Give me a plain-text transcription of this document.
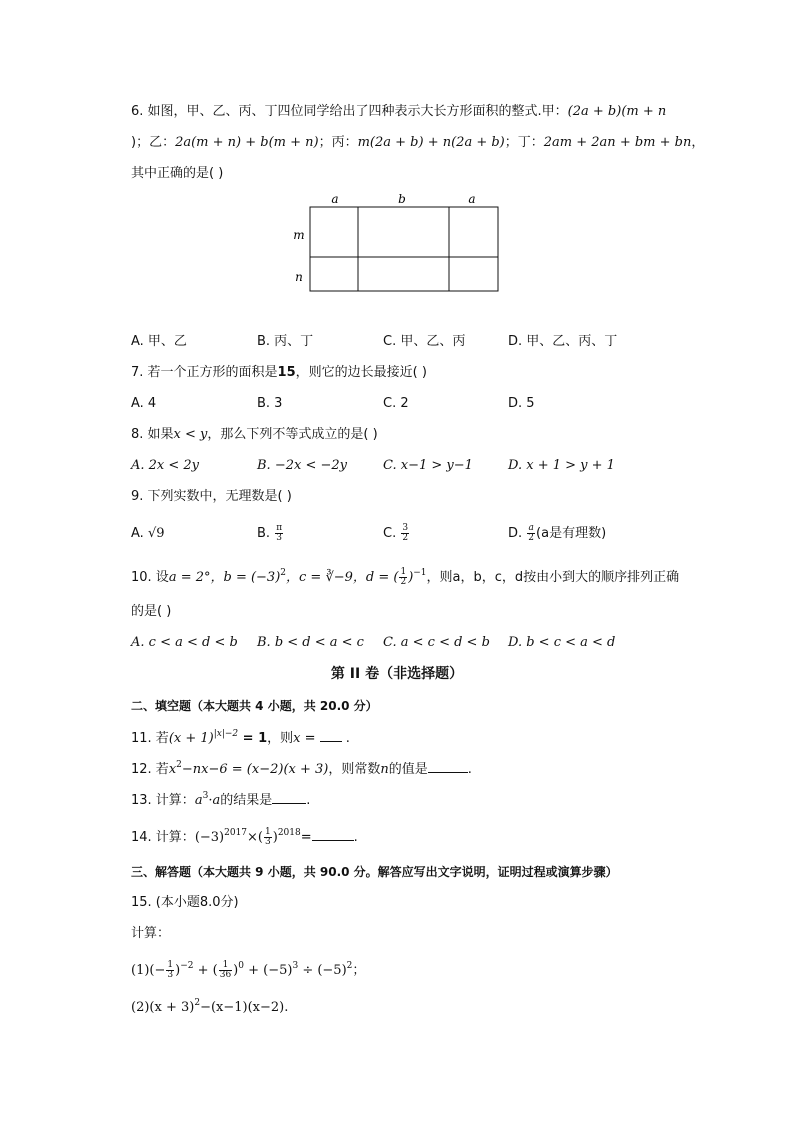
6. 如图，甲、乙、丙、丁四位同学给出了四种表示大长方形面积的整式.甲：(2a + b)(m + n
)；乙：2a(m + n) + b(m + n)；丙：m(2a + b) + n(2a + b)；丁：2am + 2an + bm + bn，
其中正确的是( )
a	b	a
m
n
A. 甲、乙	B. 丙、丁	C. 甲、乙、丙	D. 甲、乙、丙、丁
7. 若一个正方形的面积是15，则它的边长最接近( )
A. 4	B. 3	C. 2	D. 5
8. 如果x < y，那么下列不等式成立的是( )
A. 2x < 2y	B. −2x < −2y	C. x−1 > y−1	D. x + 1 > y + 1
9. 下列实数中，无理数是( )
A. √9	B. $\frac{\pi}{3}$	C. $\frac{3}{2}$	D. $\frac{a}{2} (a$是有理数)
10. 设a = 2°，$b = (-3)^2$，c = ∛−9，d = ( $\frac{1}{2} )^{-1}$，则a，b，c，d按由小到大的顺序排列正确
的是( )
A. c < a < d < b B. b < d < a < c C. a < c < d < b D. b < c < a < d
第 II 卷（非选择题）
二、填空题（本大题共 4 小题，共 20.0 分）
11. 若$(x + 1)^{|x|-2} = 1$，则x =  .
12. 若$x^2-nx-6 = (x-2)(x + 3)$，则常数n的值是	.
13. 计算：$a^3\cdot a$的结果是	.
14. 计算：$(-3)^{2017}\times( \frac{1}{3} )^{2018}=$	.
三、解答题（本大题共 9 小题，共 90.0 分。解答应写出文字说明，证明过程或演算步骤）
15. (本小题8.0分)
计算：
$(1)(- \frac{1}{3} )^{-2}$ + ( $\frac{1}{36} )^0 + (-5)^3 \div (-5)^2$；
$(2)(x + 3)^2-(x-1)(x-2)$.
